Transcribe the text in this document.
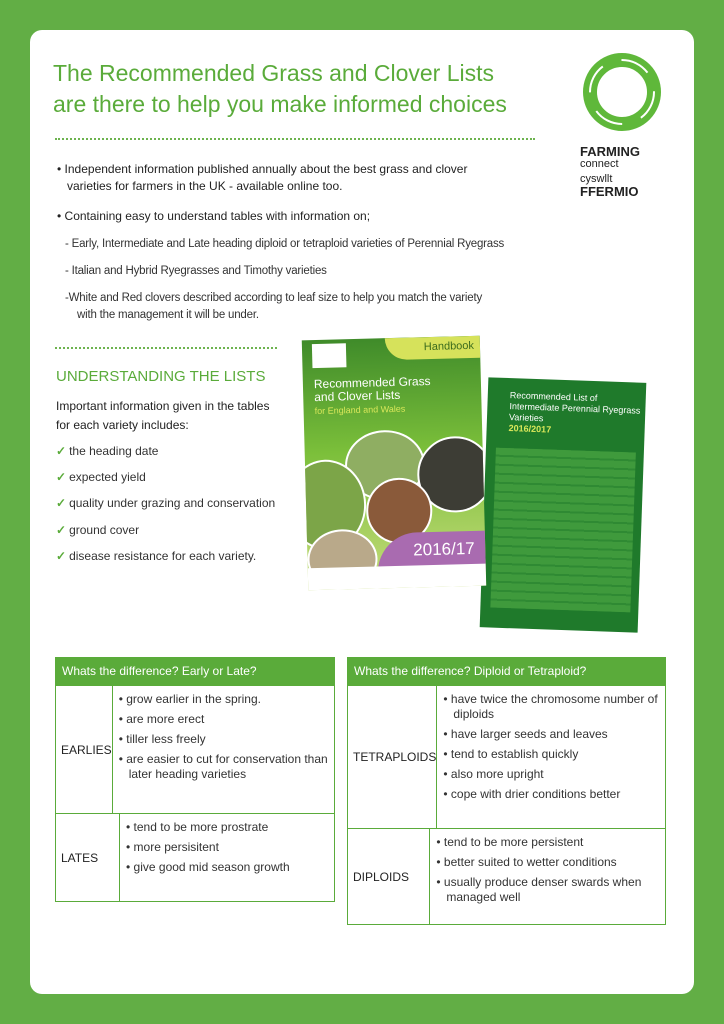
The Recommended Grass and Clover Lists
are there to help you make informed choices
FARMING
connect
cyswllt
FFERMIO
• Independent information published annually about the best grass and clover
varieties for farmers in the UK - available online too.
• Containing easy to understand tables with information on;
- Early, Intermediate and Late heading diploid or tetraploid varieties of Perennial Ryegrass
- Italian and Hybrid Ryegrasses and Timothy varieties
-White and Red clovers described according to leaf size to help you match the variety
with the management it will be under.
UNDERSTANDING THE LISTS
Important information given in the tables for each variety includes:
✓ the heading date
✓ expected yield
✓ quality under grazing and conservation
✓ ground cover
✓ disease resistance for each variety.
Recommended List of
Intermediate Perennial Ryegrass Varieties
2016/2017
Handbook
Recommended Grass and Clover Lists
for England and Wales
2016/17
Whats the difference? Early or Late?
EARLIES
• grow earlier in the spring.
• are more erect
• tiller less freely
• are easier to cut for conservation than later heading varieties
LATES
• tend to be more prostrate
• more persisitent
• give good mid season growth
Whats the difference? Diploid or Tetraploid?
TETRAPLOIDS
• have twice the chromosome number of diploids
• have larger seeds and leaves
• tend to establish quickly
• also more upright
• cope with drier conditions better
DIPLOIDS
• tend to be more persistent
• better suited to wetter conditions
• usually produce denser swards when managed well
